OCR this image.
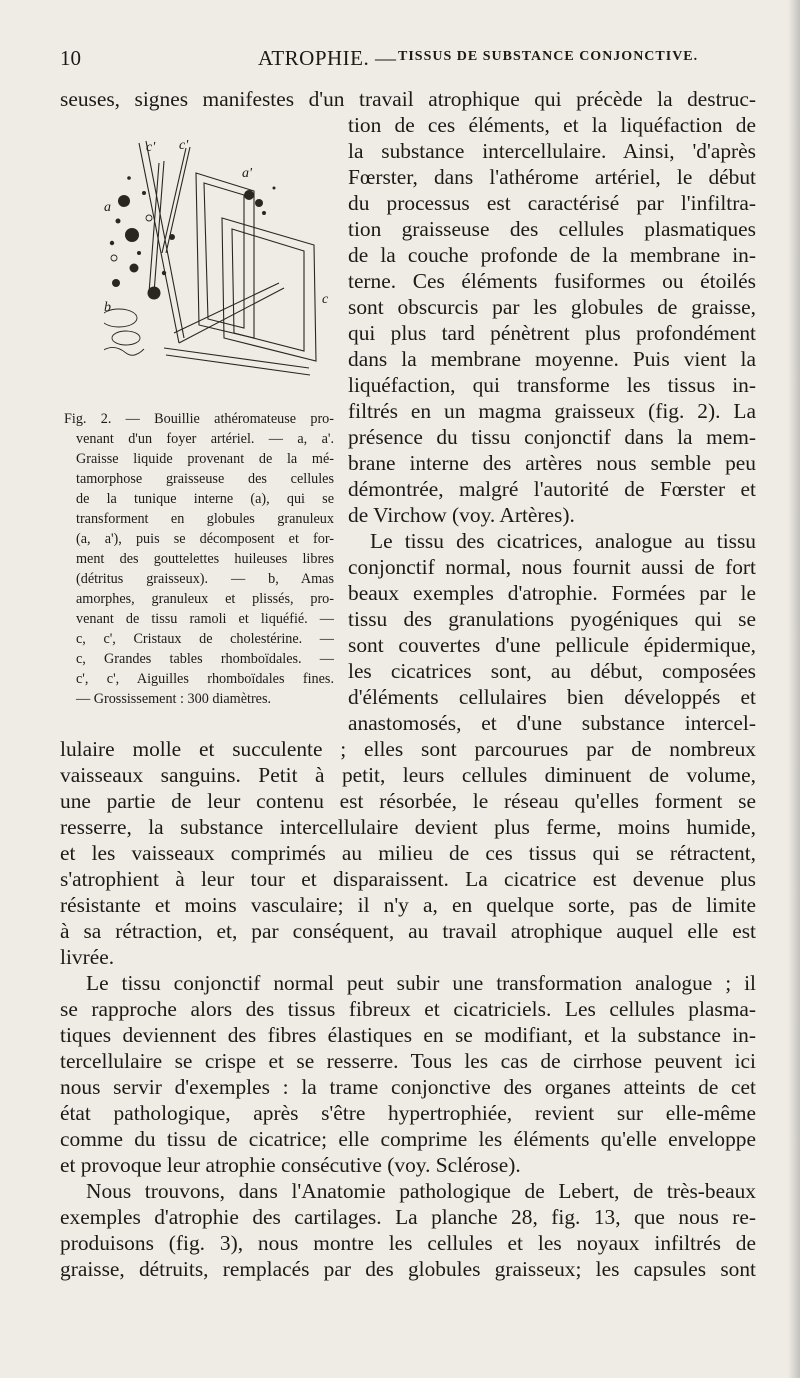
10	ATROPHIE. — TISSUS DE SUBSTANCE CONJONCTIVE.
seuses, signes manifestes d'un travail atrophique qui précède la destruc-
c' c'
a'
a
b
c
Fig. 2. — Bouillie athéromateuse pro-
venant d'un foyer artériel. — a, a'.
Graisse liquide provenant de la mé-
tamorphose graisseuse des cellules
de la tunique interne (a), qui se
transforment en globules granuleux
(a, a'), puis se décomposent et for-
ment des gouttelettes huileuses libres
(détritus graisseux). — b, Amas
amorphes, granuleux et plissés, pro-
venant de tissu ramoli et liquéfié. —
c, c', Cristaux de cholestérine. —
c, Grandes tables rhomboïdales. —
c', c', Aiguilles rhomboïdales fines.
— Grossissement : 300 diamètres.
tion de ces éléments, et la liquéfaction de
la substance intercellulaire. Ainsi, 'd'après
Fœrster, dans l'athérome artériel, le début
du processus est caractérisé par l'infiltra-
tion graisseuse des cellules plasmatiques
de la couche profonde de la membrane in-
terne. Ces éléments fusiformes ou étoilés
sont obscurcis par les globules de graisse,
qui plus tard pénètrent plus profondément
dans la membrane moyenne. Puis vient la
liquéfaction, qui transforme les tissus in-
filtrés en un magma graisseux (fig. 2). La
présence du tissu conjonctif dans la mem-
brane interne des artères nous semble peu
démontrée, malgré l'autorité de Fœrster et
de Virchow (voy. Artères).
Le tissu des cicatrices, analogue au tissu
conjonctif normal, nous fournit aussi de fort
beaux exemples d'atrophie. Formées par le
tissu des granulations pyogéniques qui se
sont couvertes d'une pellicule épidermique,
les cicatrices sont, au début, composées
d'éléments cellulaires bien développés et
anastomosés, et d'une substance intercel-
lulaire molle et succulente ; elles sont parcourues par de nombreux
vaisseaux sanguins. Petit à petit, leurs cellules diminuent de volume,
une partie de leur contenu est résorbée, le réseau qu'elles forment se
resserre, la substance intercellulaire devient plus ferme, moins humide,
et les vaisseaux comprimés au milieu de ces tissus qui se rétractent,
s'atrophient à leur tour et disparaissent. La cicatrice est devenue plus
résistante et moins vasculaire; il n'y a, en quelque sorte, pas de limite
à sa rétraction, et, par conséquent, au travail atrophique auquel elle est
livrée.
Le tissu conjonctif normal peut subir une transformation analogue ; il
se rapproche alors des tissus fibreux et cicatriciels. Les cellules plasma-
tiques deviennent des fibres élastiques en se modifiant, et la substance in-
tercellulaire se crispe et se resserre. Tous les cas de cirrhose peuvent ici
nous servir d'exemples : la trame conjonctive des organes atteints de cet
état pathologique, après s'être hypertrophiée, revient sur elle-même
comme du tissu de cicatrice; elle comprime les éléments qu'elle enveloppe
et provoque leur atrophie consécutive (voy. Sclérose).
Nous trouvons, dans l'Anatomie pathologique de Lebert, de très-beaux
exemples d'atrophie des cartilages. La planche 28, fig. 13, que nous re-
produisons (fig. 3), nous montre les cellules et les noyaux infiltrés de
graisse, détruits, remplacés par des globules graisseux; les capsules sont
